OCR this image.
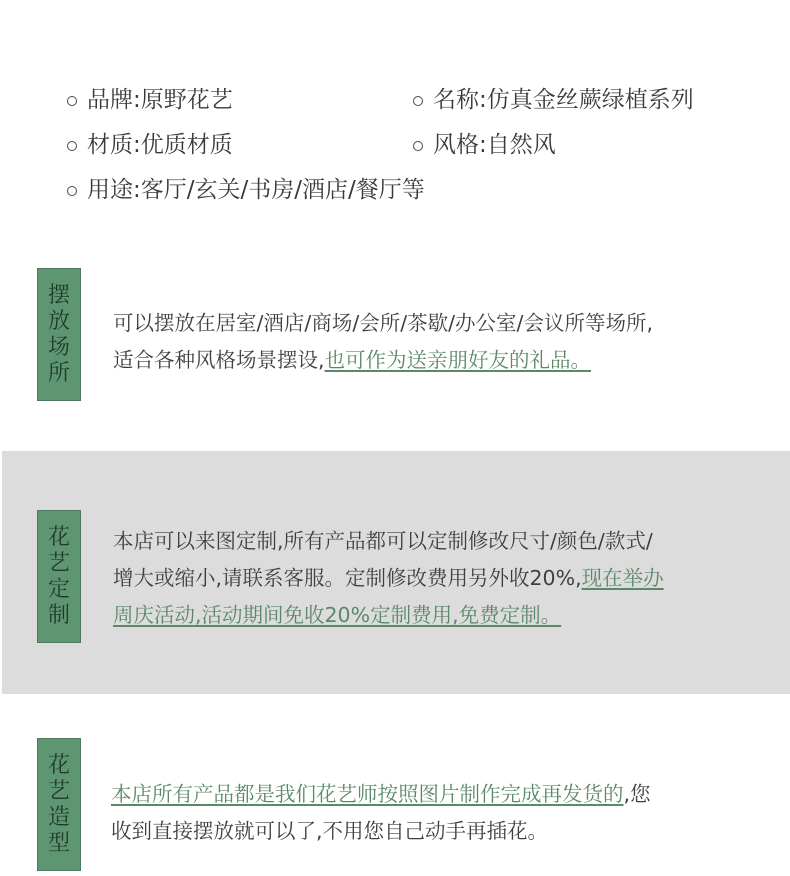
品牌:原野花艺	名称:仿真金丝蕨绿植系列
材质:优质材质	风格:自然风
用途:客厅/玄关/书房/酒店/餐厅等
摆
放
场
所
可以摆放在居室/酒店/商场/会所/茶歇/办公室/会议所等场所,
适合各种风格场景摆设,也可作为送亲朋好友的礼品。
花
艺
定
制
本店可以来图定制,所有产品都可以定制修改尺寸/颜色/款式/
增大或缩小,请联系客服。定制修改费用另外收20%,现在举办
周庆活动,活动期间免收20%定制费用,免费定制。
花
艺
造
型
本店所有产品都是我们花艺师按照图片制作完成再发货的,您
收到直接摆放就可以了,不用您自己动手再插花。
